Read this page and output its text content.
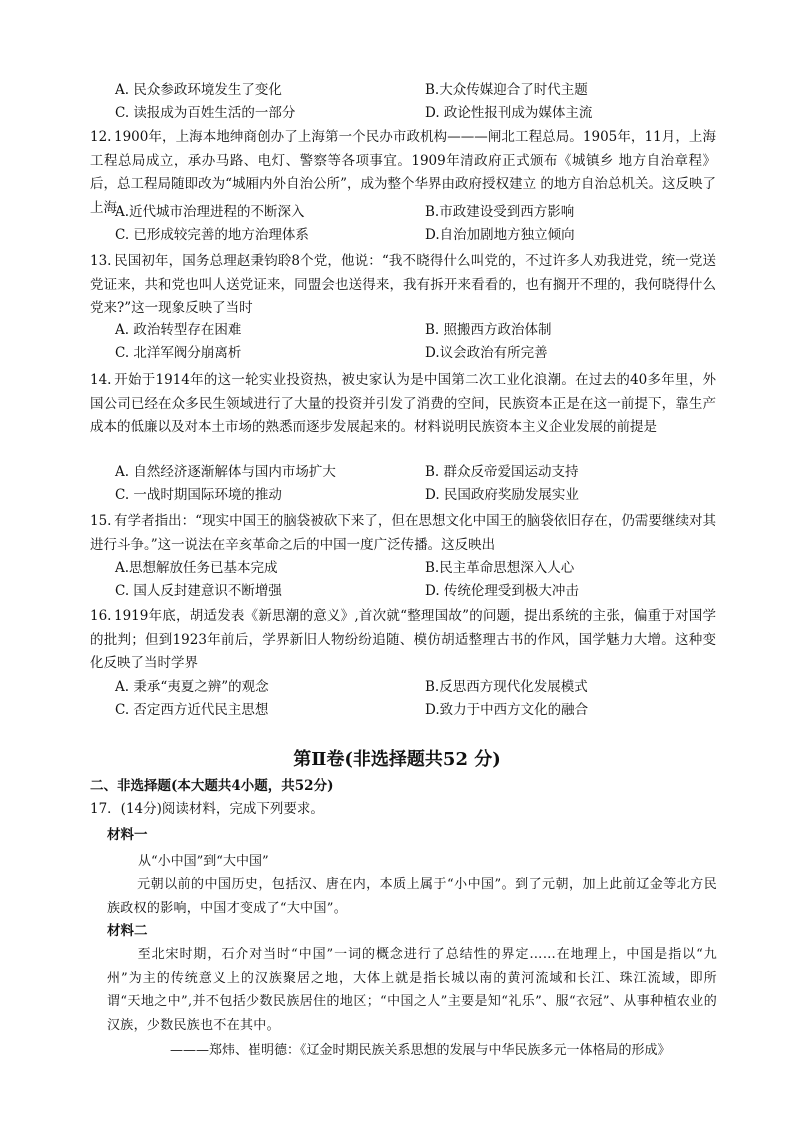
A. 民众参政环境发生了变化	B.大众传媒迎合了时代主题
C. 读报成为百姓生活的一部分	D. 政论性报刊成为媒体主流
12. 1900年，上海本地绅商创办了上海第一个民办市政机构———闸北工程总局。1905年，11月，上海工程总局成立，承办马路、电灯、警察等各项事宜。1909年清政府正式颁布《城镇乡 地方自治章程》后，总工程局随即改为“城厢内外自治公所”，成为整个华界由政府授权建立 的地方自治总机关。这反映了上海
A.近代城市治理进程的不断深入	B.市政建设受到西方影响
C. 已形成较完善的地方治理体系	D.自治加剧地方独立倾向
13. 民国初年，国务总理赵秉钧聆8个党，他说：“我不晓得什么叫党的，不过许多人劝我进党，统一党送党证来，共和党也叫人送党证来，同盟会也送得来，我有拆开来看看的，也有搁开不理的，我何晓得什么党来?”这一现象反映了当时
A. 政治转型存在困难	B. 照搬西方政治体制
C. 北洋军阀分崩离析	D.议会政治有所完善
14. 开始于1914年的这一轮实业投资热，被史家认为是中国第二次工业化浪潮。在过去的40多年里，外国公司已经在众多民生领域进行了大量的投资并引发了消费的空间，民族资本正是在这一前提下，靠生产成本的低廉以及对本土市场的熟悉而逐步发展起来的。材料说明民族资本主义企业发展的前提是
A. 自然经济逐渐解体与国内市场扩大	B. 群众反帝爱国运动支持
C. 一战时期国际环境的推动	D. 民国政府奖励发展实业
15. 有学者指出：“现实中国王的脑袋被砍下来了，但在思想文化中国王的脑袋依旧存在，仍需要继续对其进行斗争。”这一说法在辛亥革命之后的中国一度广泛传播。这反映出
A.思想解放任务已基本完成	B.民主革命思想深入人心
C. 国人反封建意识不断增强	D. 传统伦理受到极大冲击
16. 1919年底，胡适发表《新思潮的意义》,首次就“整理国故”的问题，提出系统的主张，偏重于对国学的批判；但到1923年前后，学界新旧人物纷纷追随、模仿胡适整理古书的作风，国学魅力大增。这种变化反映了当时学界
A. 秉承“夷夏之辨”的观念	B.反思西方现代化发展模式
C. 否定西方近代民主思想	D.致力于中西方文化的融合
第Ⅱ卷(非选择题共52 分)
二、非选择题(本大题共4小题，共52分)
17．(14分)阅读材料，完成下列要求。
材料一
从“小中国”到“大中国”
元朝以前的中国历史，包括汉、唐在内，本质上属于“小中国”。到了元朝，加上此前辽金等北方民族政权的影响，中国才变成了“大中国”。
材料二
至北宋时期，石介对当时“中国”一词的概念进行了总结性的界定……在地理上，中国是指以“九州”为主的传统意义上的汉族聚居之地，大体上就是指长城以南的黄河流域和长江、珠江流域，即所谓“天地之中”,并不包括少数民族居住的地区；“中国之人”主要是知“礼乐”、服“衣冠”、从事种植农业的汉族，少数民族也不在其中。
———郑炜、崔明德：《辽金时期民族关系思想的发展与中华民族多元一体格局的形成》
